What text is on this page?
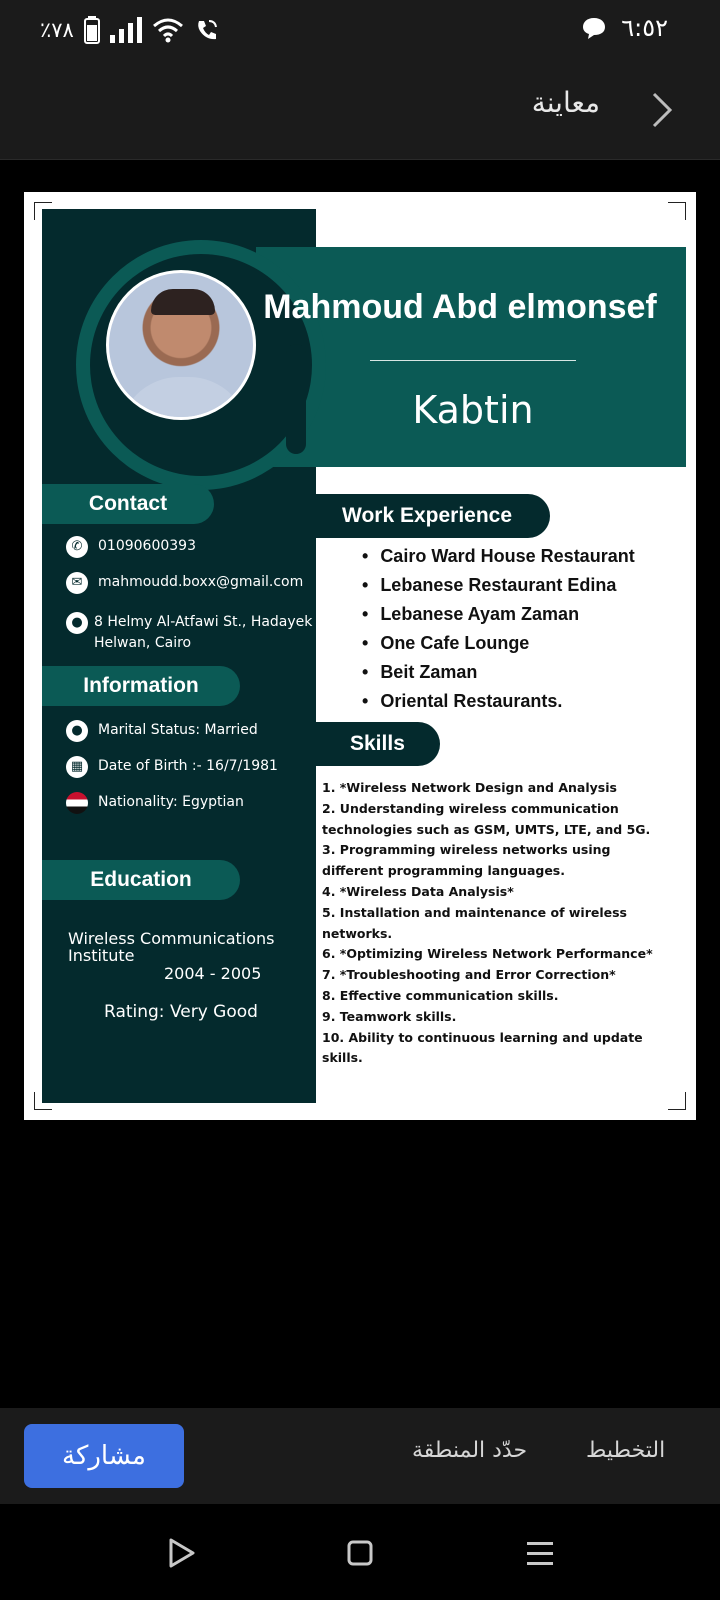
٪٧٨	٦:٥٢
معاينة
Mahmoud Abd elmonsef
Kabtin
Contact
✆	01090600393
✉	mahmoudd.boxx@gmail.com
● 8 Helmy Al-Atfawi St., Hadayek
Helwan, Cairo
Information
●	Marital Status: Married
▦	Date of Birth :- 16/7/1981
Nationality: Egyptian
Education
Wireless Communications
Institute
2004 - 2005
Rating: Very Good
Work Experience
• Cairo Ward House Restaurant
• Lebanese Restaurant Edina
• Lebanese Ayam Zaman
• One Cafe Lounge
• Beit Zaman
• Oriental Restaurants.
Skills
1. *Wireless Network Design and Analysis
2. Understanding wireless communication technologies such as GSM, UMTS, LTE, and 5G.
3. Programming wireless networks using different programming languages.
4. *Wireless Data Analysis*
5. Installation and maintenance of wireless networks.
6. *Optimizing Wireless Network Performance*
7. *Troubleshooting and Error Correction*
8. Effective communication skills.
9. Teamwork skills.
10. Ability to continuous learning and update skills.
مشاركة	حدّد المنطقة	التخطيط
